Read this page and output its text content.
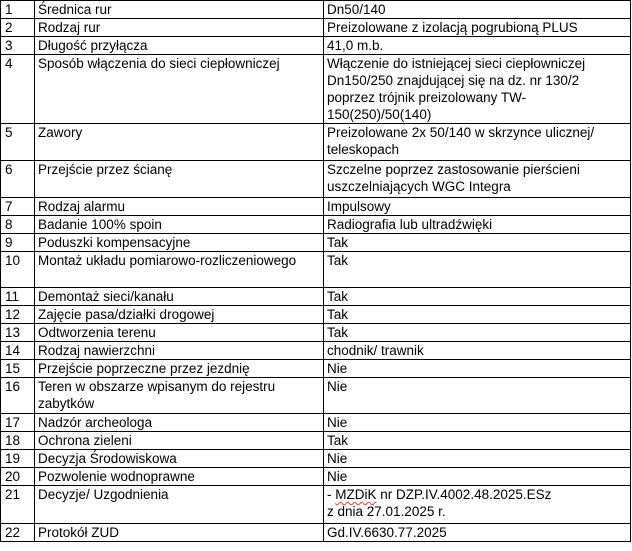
1	Średnica rur	Dn50/140

2	Rodzaj rur	Preizolowane z izolacją pogrubioną PLUS

3	Długość przyłącza	41,0 m.b.

4	Sposób włączenia do sieci ciepłowniczej	Włączenie do istniejącej sieci ciepłowniczej Dn150/250 znajdującej się na dz. nr 130/2 poprzez trójnik preizolowany TW-150(250)/50(140)

5	Zawory	Preizolowane 2x 50/140 w skrzynce ulicznej/ teleskopach

6	Przejście przez ścianę	Szczelne poprzez zastosowanie pierścieni uszczelniających WGC Integra

7	Rodzaj alarmu	Impulsowy

8	Badanie 100% spoin	Radiografia lub ultradźwięki

9	Poduszki kompensacyjne	Tak

10	Montaż układu pomiarowo-rozliczeniowego	Tak

11	Demontaż sieci/kanału	Tak

12	Zajęcie pasa/działki drogowej	Tak

13	Odtworzenia terenu	Tak

14	Rodzaj nawierzchni	chodnik/ trawnik

15	Przejście poprzeczne przez jezdnię	Nie

16	Teren w obszarze wpisanym do rejestru zabytków	Nie

17	Nadzór archeologa	Nie

18	Ochrona zieleni	Tak

19	Decyzja Środowiskowa	Nie

20	Pozwolenie wodnoprawne	Nie

21	Decyzje/ Uzgodnienia	- MZDiK nr DZP.IV.4002.48.2025.ESz
z dnia 27.01.2025 r.

22	Protokół ZUD	Gd.IV.6630.77.2025
